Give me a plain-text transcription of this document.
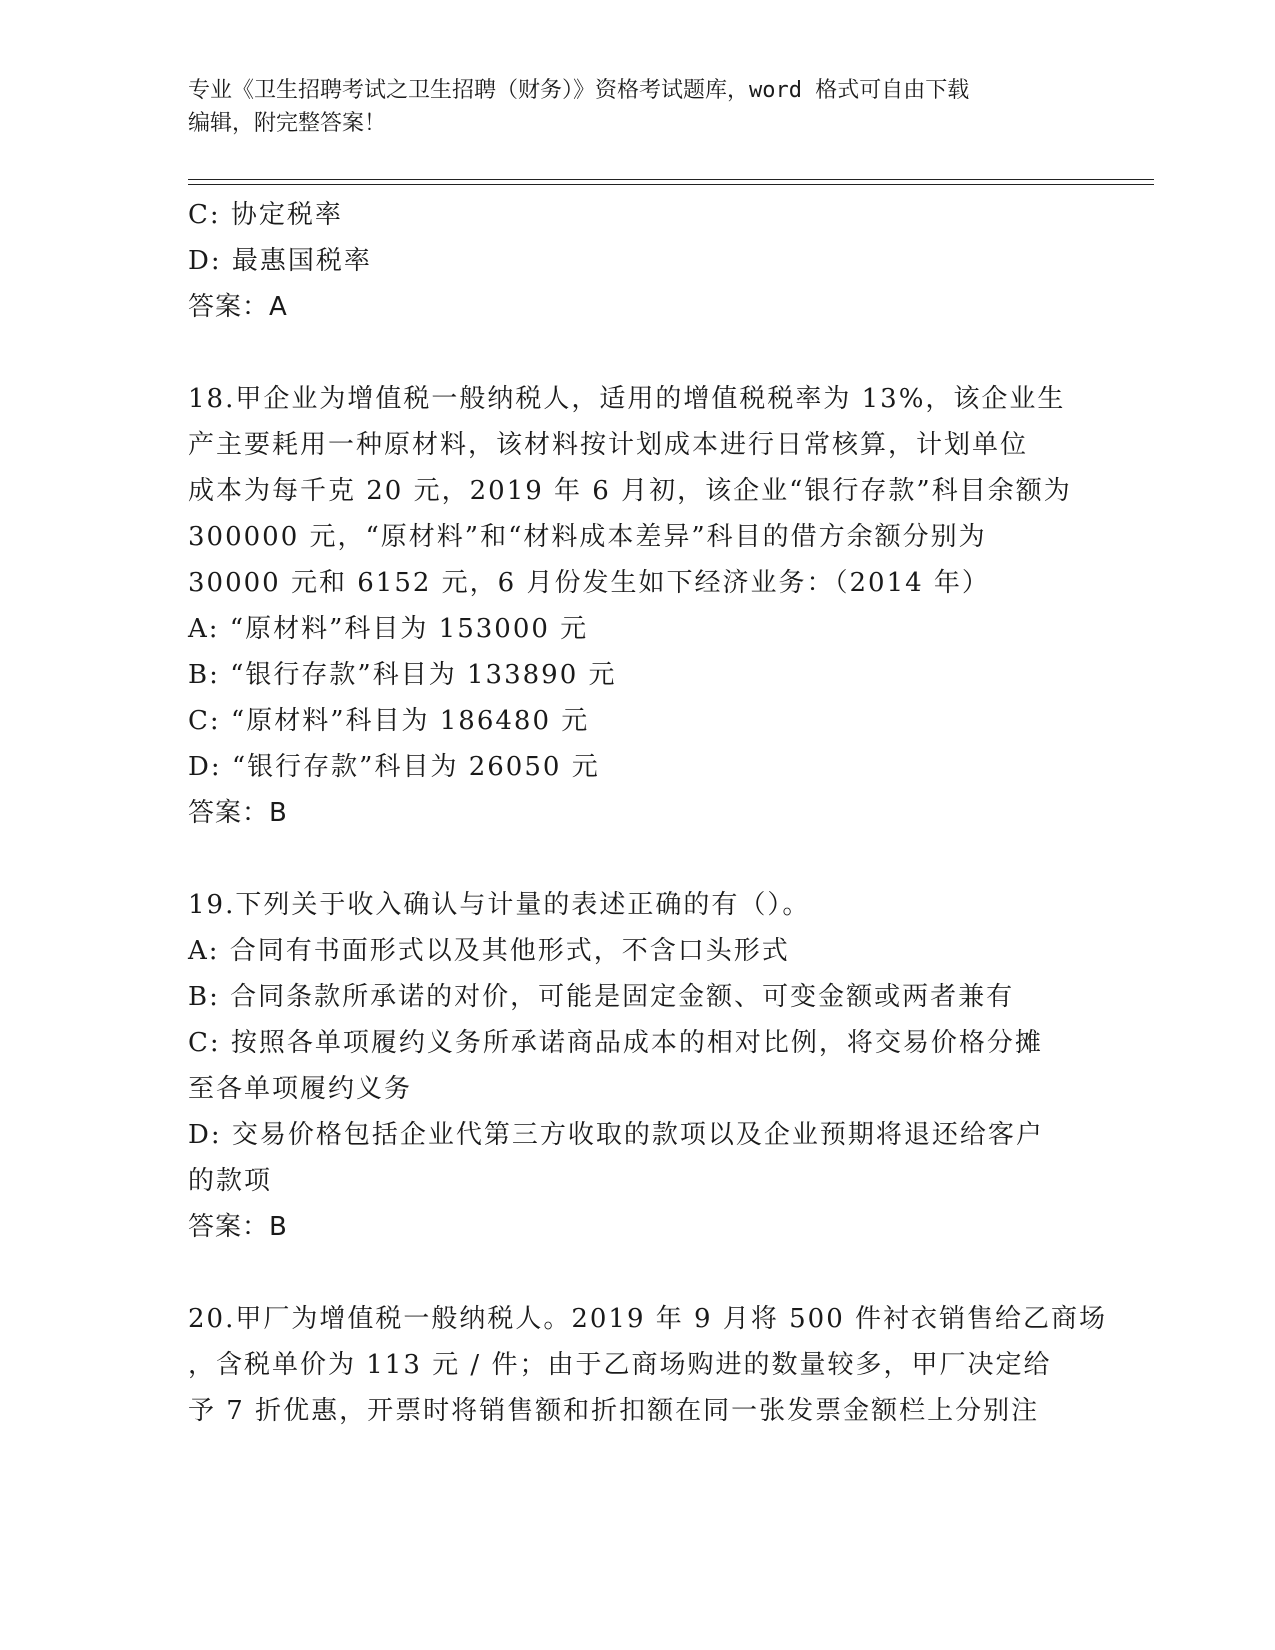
专业《卫生招聘考试之卫生招聘（财务）》资格考试题库，word 格式可自由下载
编辑，附完整答案！
C: 协定税率
D: 最惠国税率
答案：A
18.甲企业为增值税一般纳税人，适用的增值税税率为 13%，该企业生
产主要耗用一种原材料，该材料按计划成本进行日常核算，计划单位
成本为每千克 20 元，2019 年 6 月初，该企业“银行存款”科目余额为
300000 元，“原材料”和“材料成本差异”科目的借方余额分别为
30000 元和 6152 元，6 月份发生如下经济业务：（2014 年）
A: “原材料”科目为 153000 元
B: “银行存款”科目为 133890 元
C: “原材料”科目为 186480 元
D: “银行存款”科目为 26050 元
答案：B
19.下列关于收入确认与计量的表述正确的有（）。
A: 合同有书面形式以及其他形式，不含口头形式
B: 合同条款所承诺的对价，可能是固定金额、可变金额或两者兼有
C: 按照各单项履约义务所承诺商品成本的相对比例，将交易价格分摊
至各单项履约义务
D: 交易价格包括企业代第三方收取的款项以及企业预期将退还给客户
的款项
答案：B
20.甲厂为增值税一般纳税人。2019 年 9 月将 500 件衬衣销售给乙商场
，含税单价为 113 元 / 件；由于乙商场购进的数量较多，甲厂决定给
予 7 折优惠，开票时将销售额和折扣额在同一张发票金额栏上分别注
